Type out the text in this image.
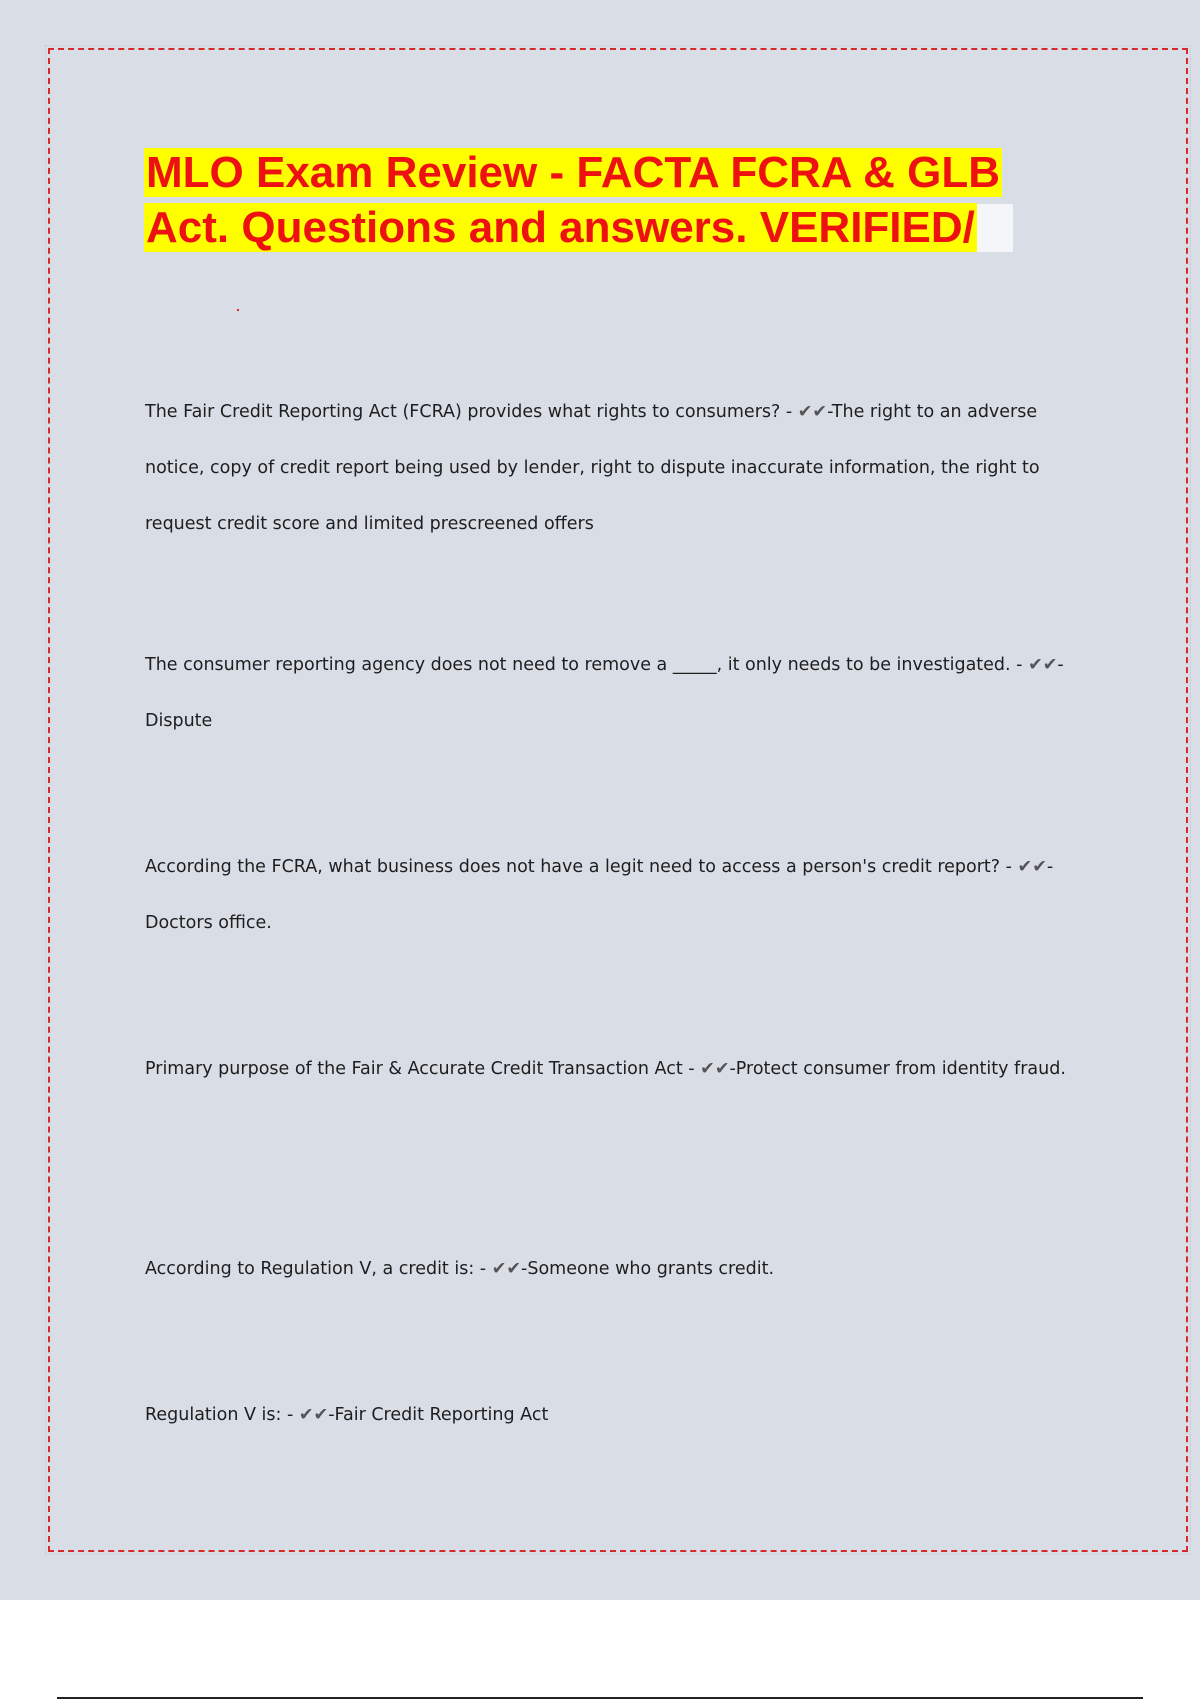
MLO Exam Review - FACTA FCRA & GLB Act. Questions and answers. VERIFIED/

The Fair Credit Reporting Act (FCRA) provides what rights to consumers? - ✔✔-The right to an adverse notice, copy of credit report being used by lender, right to dispute inaccurate information, the right to request credit score and limited prescreened offers

The consumer reporting agency does not need to remove a _____, it only needs to be investigated. - ✔✔-Dispute

According the FCRA, what business does not have a legit need to access a person's credit report? - ✔✔-Doctors office.

Primary purpose of the Fair & Accurate Credit Transaction Act - ✔✔-Protect consumer from identity fraud.

According to Regulation V, a credit is: - ✔✔-Someone who grants credit.

Regulation V is: - ✔✔-Fair Credit Reporting Act
